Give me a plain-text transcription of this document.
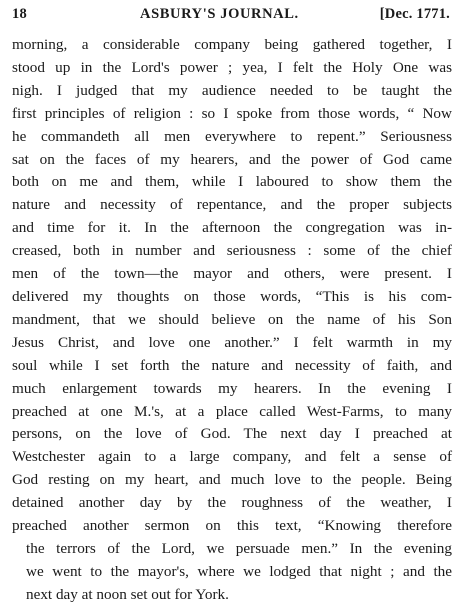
18	ASBURY'S JOURNAL.	[Dec. 1771.
morning, a considerable company being gathered together, I
stood up in the Lord's power ; yea, I felt the Holy One was
nigh. I judged that my audience needed to be taught the
first principles of religion : so I spoke from those words, “ Now
he commandeth all men everywhere to repent.” Seriousness
sat on the faces of my hearers, and the power of God came
both on me and them, while I laboured to show them the
nature and necessity of repentance, and the proper subjects
and time for it. In the afternoon the congregation was in-
creased, both in number and seriousness : some of the chief
men of the town—the mayor and others, were present. I
delivered my thoughts on those words, “This is his com-
mandment, that we should believe on the name of his Son
Jesus Christ, and love one another.” I felt warmth in my
soul while I set forth the nature and necessity of faith, and
much enlargement towards my hearers. In the evening I
preached at one M.'s, at a place called West-Farms, to many
persons, on the love of God. The next day I preached at
Westchester again to a large company, and felt a sense of
God resting on my heart, and much love to the people. Being
detained another day by the roughness of the weather, I
preached another sermon on this text, “Knowing therefore
the terrors of the Lord, we persuade men.” In the evening
we went to the mayor's, where we lodged that night ; and the
next day at noon set out for York.
